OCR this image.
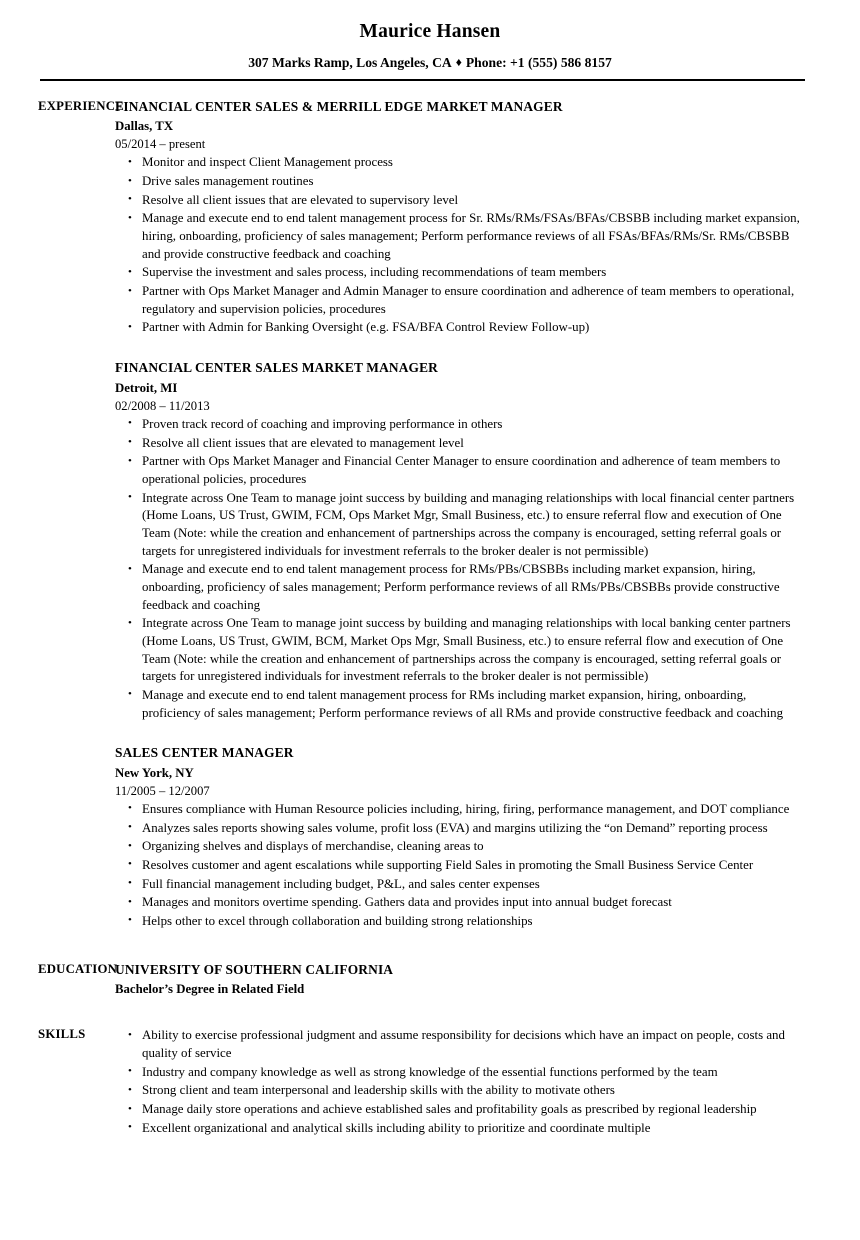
Maurice Hansen
307 Marks Ramp, Los Angeles, CA ♦ Phone: +1 (555) 586 8157
EXPERIENCE
FINANCIAL CENTER SALES & MERRILL EDGE MARKET MANAGER
Dallas, TX
05/2014 – present
• Monitor and inspect Client Management process
• Drive sales management routines
• Resolve all client issues that are elevated to supervisory level
• Manage and execute end to end talent management process for Sr. RMs/RMs/FSAs/BFAs/CBSBB including market expansion, hiring, onboarding, proficiency of sales management; Perform performance reviews of all FSAs/BFAs/RMs/Sr. RMs/CBSBB and provide constructive feedback and coaching
• Supervise the investment and sales process, including recommendations of team members
• Partner with Ops Market Manager and Admin Manager to ensure coordination and adherence of team members to operational, regulatory and supervision policies, procedures
• Partner with Admin for Banking Oversight (e.g. FSA/BFA Control Review Follow-up)
FINANCIAL CENTER SALES MARKET MANAGER
Detroit, MI
02/2008 – 11/2013
• Proven track record of coaching and improving performance in others
• Resolve all client issues that are elevated to management level
• Partner with Ops Market Manager and Financial Center Manager to ensure coordination and adherence of team members to operational policies, procedures
• Integrate across One Team to manage joint success by building and managing relationships with local financial center partners (Home Loans, US Trust, GWIM, FCM, Ops Market Mgr, Small Business, etc.) to ensure referral flow and execution of One Team (Note: while the creation and enhancement of partnerships across the company is encouraged, setting referral goals or targets for unregistered individuals for investment referrals to the broker dealer is not permissible)
• Manage and execute end to end talent management process for RMs/PBs/CBSBBs including market expansion, hiring, onboarding, proficiency of sales management; Perform performance reviews of all RMs/PBs/CBSBBs provide constructive feedback and coaching
• Integrate across One Team to manage joint success by building and managing relationships with local banking center partners (Home Loans, US Trust, GWIM, BCM, Market Ops Mgr, Small Business, etc.) to ensure referral flow and execution of One Team (Note: while the creation and enhancement of partnerships across the company is encouraged, setting referral goals or targets for unregistered individuals for investment referrals to the broker dealer is not permissible)
• Manage and execute end to end talent management process for RMs including market expansion, hiring, onboarding, proficiency of sales management; Perform performance reviews of all RMs and provide constructive feedback and coaching
SALES CENTER MANAGER
New York, NY
11/2005 – 12/2007
• Ensures compliance with Human Resource policies including, hiring, firing, performance management, and DOT compliance
• Analyzes sales reports showing sales volume, profit loss (EVA) and margins utilizing the “on Demand” reporting process
• Organizing shelves and displays of merchandise, cleaning areas to
• Resolves customer and agent escalations while supporting Field Sales in promoting the Small Business Service Center
• Full financial management including budget, P&L, and sales center expenses
• Manages and monitors overtime spending. Gathers data and provides input into annual budget forecast
• Helps other to excel through collaboration and building strong relationships
EDUCATION
UNIVERSITY OF SOUTHERN CALIFORNIA
Bachelor’s Degree in Related Field
SKILLS	• Ability to exercise professional judgment and assume responsibility for decisions which have an impact on people, costs and quality of service
• Industry and company knowledge as well as strong knowledge of the essential functions performed by the team
• Strong client and team interpersonal and leadership skills with the ability to motivate others
• Manage daily store operations and achieve established sales and profitability goals as prescribed by regional leadership
• Excellent organizational and analytical skills including ability to prioritize and coordinate multiple
